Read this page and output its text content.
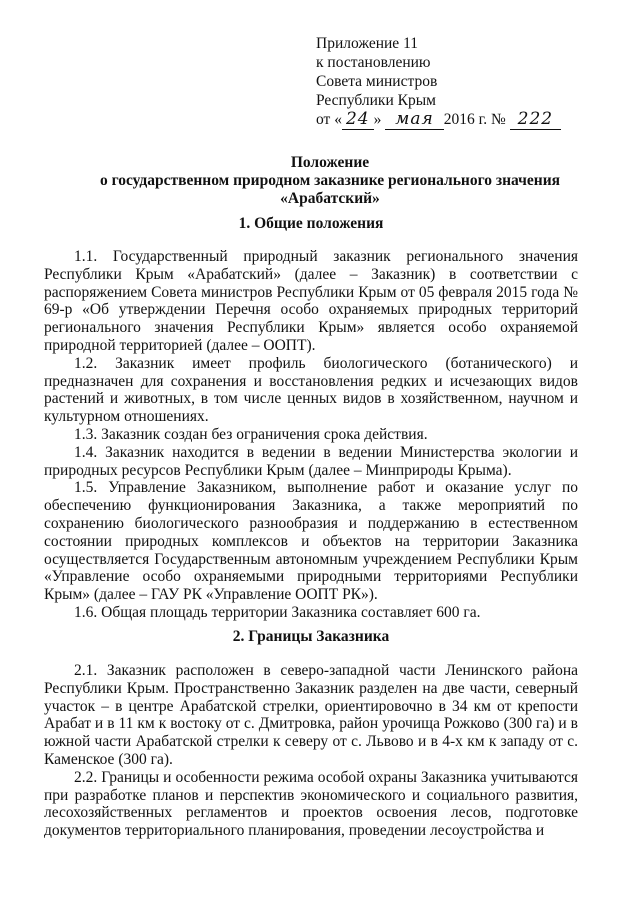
Приложение 11
к постановлению
Совета министров
Республики Крым
от « 24 » мая 2016 г. № 222
Положение
о государственном природном заказнике регионального значения
«Арабатский»
1. Общие положения

1.1. Государственный природный заказник регионального значения Республики Крым «Арабатский» (далее – Заказник) в соответствии с распоряжением Совета министров Республики Крым от 05 февраля 2015 года № 69-р «Об утверждении Перечня особо охраняемых природных территорий регионального значения Республики Крым» является особо охраняемой природной территорией (далее – ООПТ).

1.2. Заказник имеет профиль биологического (ботанического) и предназначен для сохранения и восстановления редких и исчезающих видов растений и животных, в том числе ценных видов в хозяйственном, научном и культурном отношениях.

1.3. Заказник создан без ограничения срока действия.

1.4. Заказник находится в ведении в ведении Министерства экологии и природных ресурсов Республики Крым (далее – Минприроды Крыма).

1.5. Управление Заказником, выполнение работ и оказание услуг по обеспечению функционирования Заказника, а также мероприятий по сохранению биологического разнообразия и поддержанию в естественном состоянии природных комплексов и объектов на территории Заказника осуществляется Государственным автономным учреждением Республики Крым «Управление особо охраняемыми природными территориями Республики Крым» (далее – ГАУ РК «Управление ООПТ РК»).

1.6. Общая площадь территории Заказника составляет 600 га.

2. Границы Заказника

2.1. Заказник расположен в северо-западной части Ленинского района Республики Крым. Пространственно Заказник разделен на две части, северный участок – в центре Арабатской стрелки, ориентировочно в 34 км от крепости Арабат и в 11 км к востоку от с. Дмитровка, район урочища Рожково (300 га) и в южной части Арабатской стрелки к северу от с. Львово и в 4-х км к западу от с. Каменское (300 га).

2.2. Границы и особенности режима особой охраны Заказника учитываются при разработке планов и перспектив экономического и социального развития, лесохозяйственных регламентов и проектов освоения лесов, подготовке документов территориального планирования, проведении лесоустройства и
